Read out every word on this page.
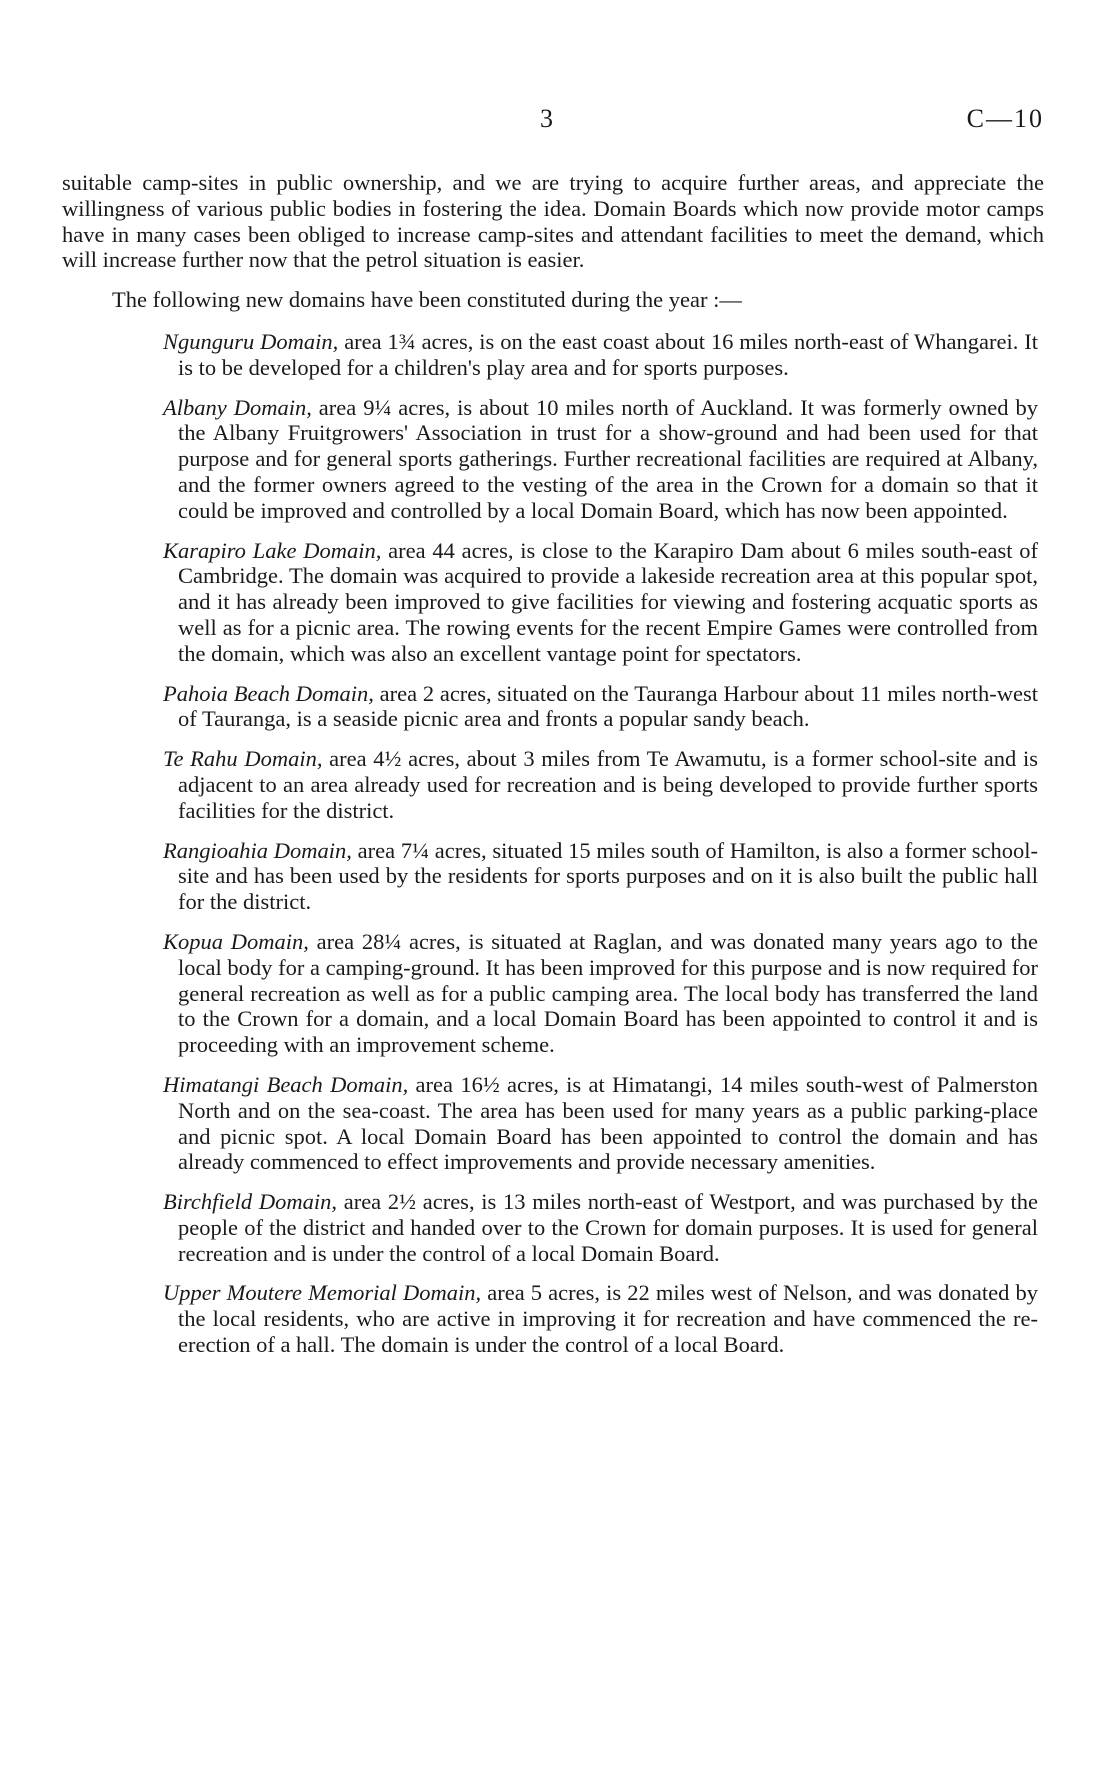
3	C—10

suitable camp-sites in public ownership, and we are trying to acquire further areas, and appreciate the willingness of various public bodies in fostering the idea. Domain Boards which now provide motor camps have in many cases been obliged to increase camp-sites and attendant facilities to meet the demand, which will increase further now that the petrol situation is easier.

The following new domains have been constituted during the year :—

Ngunguru Domain, area 1¾ acres, is on the east coast about 16 miles north-east of Whangarei. It is to be developed for a children's play area and for sports purposes.

Albany Domain, area 9¼ acres, is about 10 miles north of Auckland. It was formerly owned by the Albany Fruitgrowers' Association in trust for a show-ground and had been used for that purpose and for general sports gatherings. Further recreational facilities are required at Albany, and the former owners agreed to the vesting of the area in the Crown for a domain so that it could be improved and controlled by a local Domain Board, which has now been appointed.

Karapiro Lake Domain, area 44 acres, is close to the Karapiro Dam about 6 miles south-east of Cambridge. The domain was acquired to provide a lakeside recreation area at this popular spot, and it has already been improved to give facilities for viewing and fostering acquatic sports as well as for a picnic area. The rowing events for the recent Empire Games were controlled from the domain, which was also an excellent vantage point for spectators.

Pahoia Beach Domain, area 2 acres, situated on the Tauranga Harbour about 11 miles north-west of Tauranga, is a seaside picnic area and fronts a popular sandy beach.

Te Rahu Domain, area 4½ acres, about 3 miles from Te Awamutu, is a former school-site and is adjacent to an area already used for recreation and is being developed to provide further sports facilities for the district.

Rangioahia Domain, area 7¼ acres, situated 15 miles south of Hamilton, is also a former school-site and has been used by the residents for sports purposes and on it is also built the public hall for the district.

Kopua Domain, area 28¼ acres, is situated at Raglan, and was donated many years ago to the local body for a camping-ground. It has been improved for this purpose and is now required for general recreation as well as for a public camping area. The local body has transferred the land to the Crown for a domain, and a local Domain Board has been appointed to control it and is proceeding with an improvement scheme.

Himatangi Beach Domain, area 16½ acres, is at Himatangi, 14 miles south-west of Palmerston North and on the sea-coast. The area has been used for many years as a public parking-place and picnic spot. A local Domain Board has been appointed to control the domain and has already commenced to effect improvements and provide necessary amenities.

Birchfield Domain, area 2½ acres, is 13 miles north-east of Westport, and was purchased by the people of the district and handed over to the Crown for domain purposes. It is used for general recreation and is under the control of a local Domain Board.

Upper Moutere Memorial Domain, area 5 acres, is 22 miles west of Nelson, and was donated by the local residents, who are active in improving it for recreation and have commenced the re-erection of a hall. The domain is under the control of a local Board.
